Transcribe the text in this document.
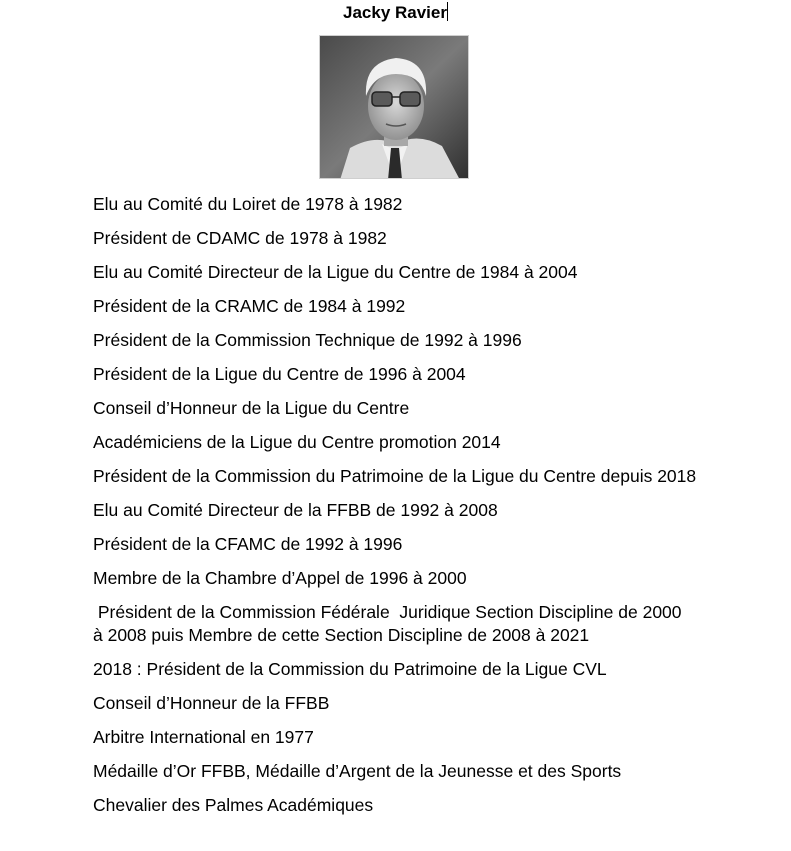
Jacky Ravier
Elu au Comité du Loiret de 1978 à 1982
Président de CDAMC de 1978 à 1982
Elu au Comité Directeur de la Ligue du Centre de 1984 à 2004
Président de la CRAMC de 1984 à 1992
Président de la Commission Technique de 1992 à 1996
Président de la Ligue du Centre de 1996 à 2004
Conseil d’Honneur de la Ligue du Centre
Académiciens de la Ligue du Centre promotion 2014
Président de la Commission du Patrimoine de la Ligue du Centre depuis 2018
Elu au Comité Directeur de la FFBB de 1992 à 2008
Président de la CFAMC de 1992 à 1996
Membre de la Chambre d’Appel de 1996 à 2000
Président de la Commission Fédérale  Juridique Section Discipline de 2000 à 2008 puis Membre de cette Section Discipline de 2008 à 2021
2018 : Président de la Commission du Patrimoine de la Ligue CVL
Conseil d’Honneur de la FFBB
Arbitre International en 1977
Médaille d’Or FFBB, Médaille d’Argent de la Jeunesse et des Sports
Chevalier des Palmes Académiques
